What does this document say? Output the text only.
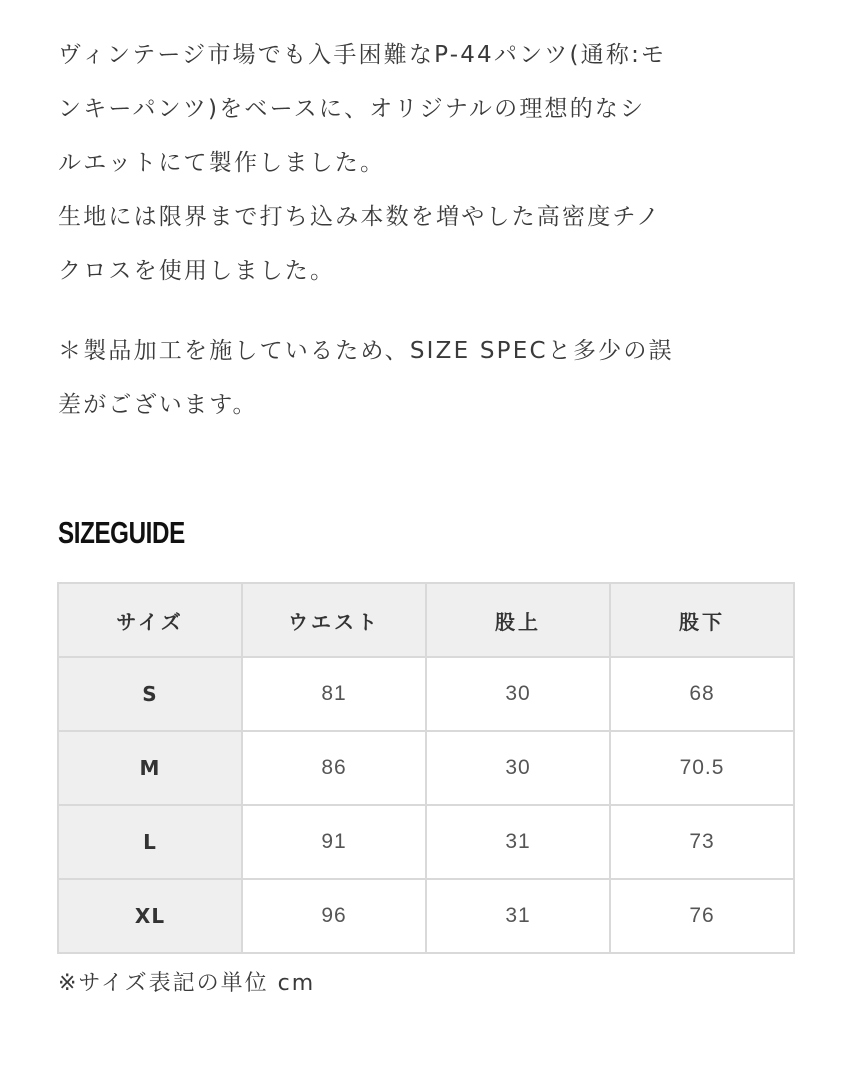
ヴィンテージ市場でも入手困難なP-44パンツ(通称:モ

ンキーパンツ)をベースに、オリジナルの理想的なシ

ルエットにて製作しました。

生地には限界まで打ち込み本数を増やした高密度チノ

クロスを使用しました。

＊製品加工を施しているため、SIZE SPECと多少の誤

差がございます。

SIZEGUIDE
サイズ	ウエスト	股上	股下
S	81	30	68
M	86	30	70.5
L	91	31	73
XL	96	31	76
※サイズ表記の単位 cm
